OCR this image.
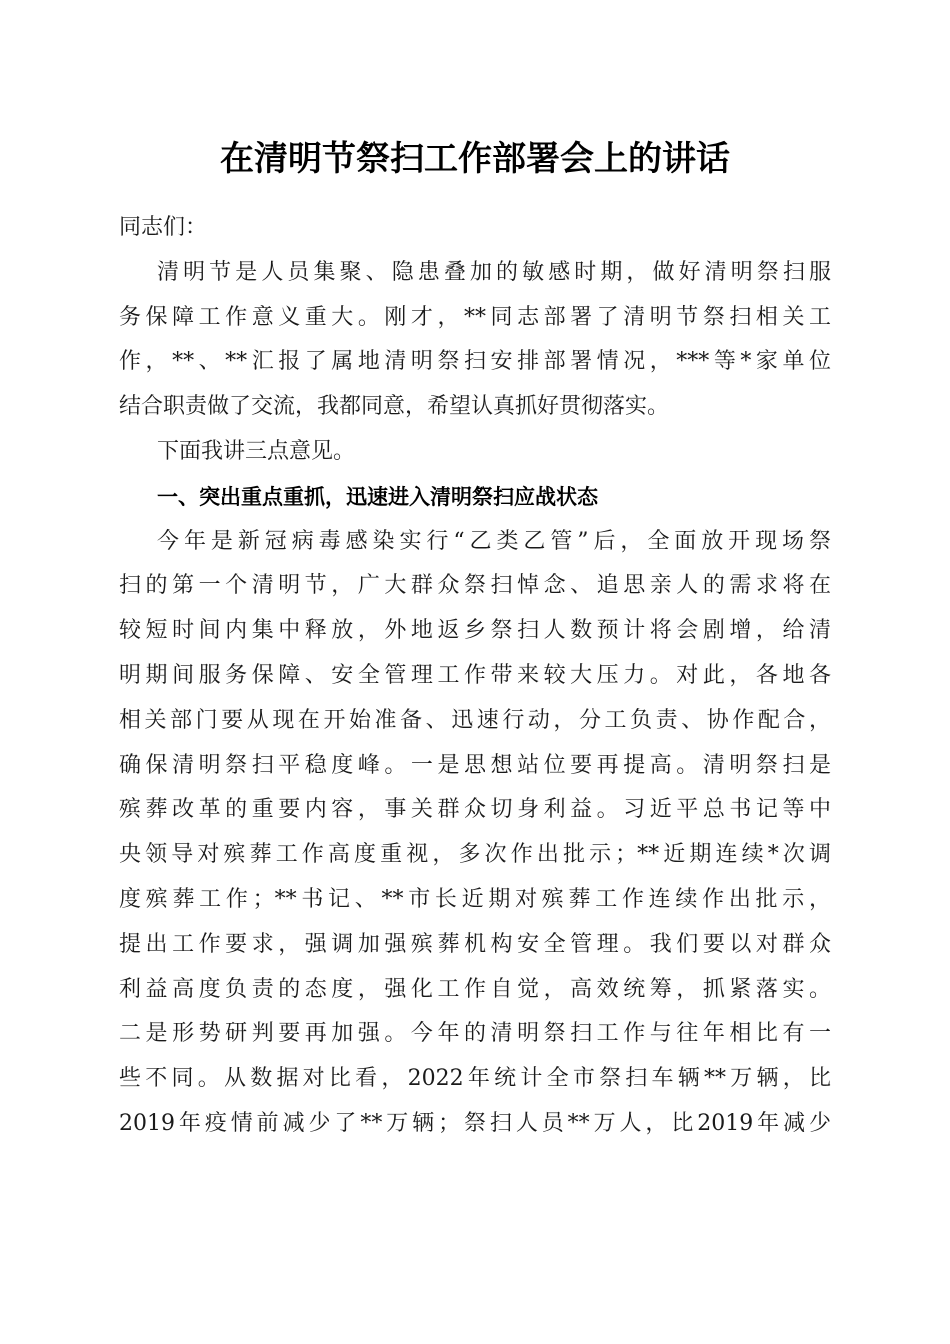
在清明节祭扫工作部署会上的讲话
同志们：
清明节是人员集聚、隐患叠加的敏感时期，做好清明祭扫服
务保障工作意义重大。刚才，**同志部署了清明节祭扫相关工
作，**、**汇报了属地清明祭扫安排部署情况，***等*家单位
结合职责做了交流，我都同意，希望认真抓好贯彻落实。
下面我讲三点意见。
一、突出重点重抓，迅速进入清明祭扫应战状态
今年是新冠病毒感染实行“乙类乙管”后，全面放开现场祭
扫的第一个清明节，广大群众祭扫悼念、追思亲人的需求将在
较短时间内集中释放，外地返乡祭扫人数预计将会剧增，给清
明期间服务保障、安全管理工作带来较大压力。对此，各地各
相关部门要从现在开始准备、迅速行动，分工负责、协作配合，
确保清明祭扫平稳度峰。一是思想站位要再提高。清明祭扫是
殡葬改革的重要内容，事关群众切身利益。习近平总书记等中
央领导对殡葬工作高度重视，多次作出批示；**近期连续*次调
度殡葬工作；**书记、**市长近期对殡葬工作连续作出批示，
提出工作要求，强调加强殡葬机构安全管理。我们要以对群众
利益高度负责的态度，强化工作自觉，高效统筹，抓紧落实。
二是形势研判要再加强。今年的清明祭扫工作与往年相比有一
些不同。从数据对比看，2022年统计全市祭扫车辆**万辆，比
2019年疫情前减少了**万辆；祭扫人员**万人，比2019年减少
